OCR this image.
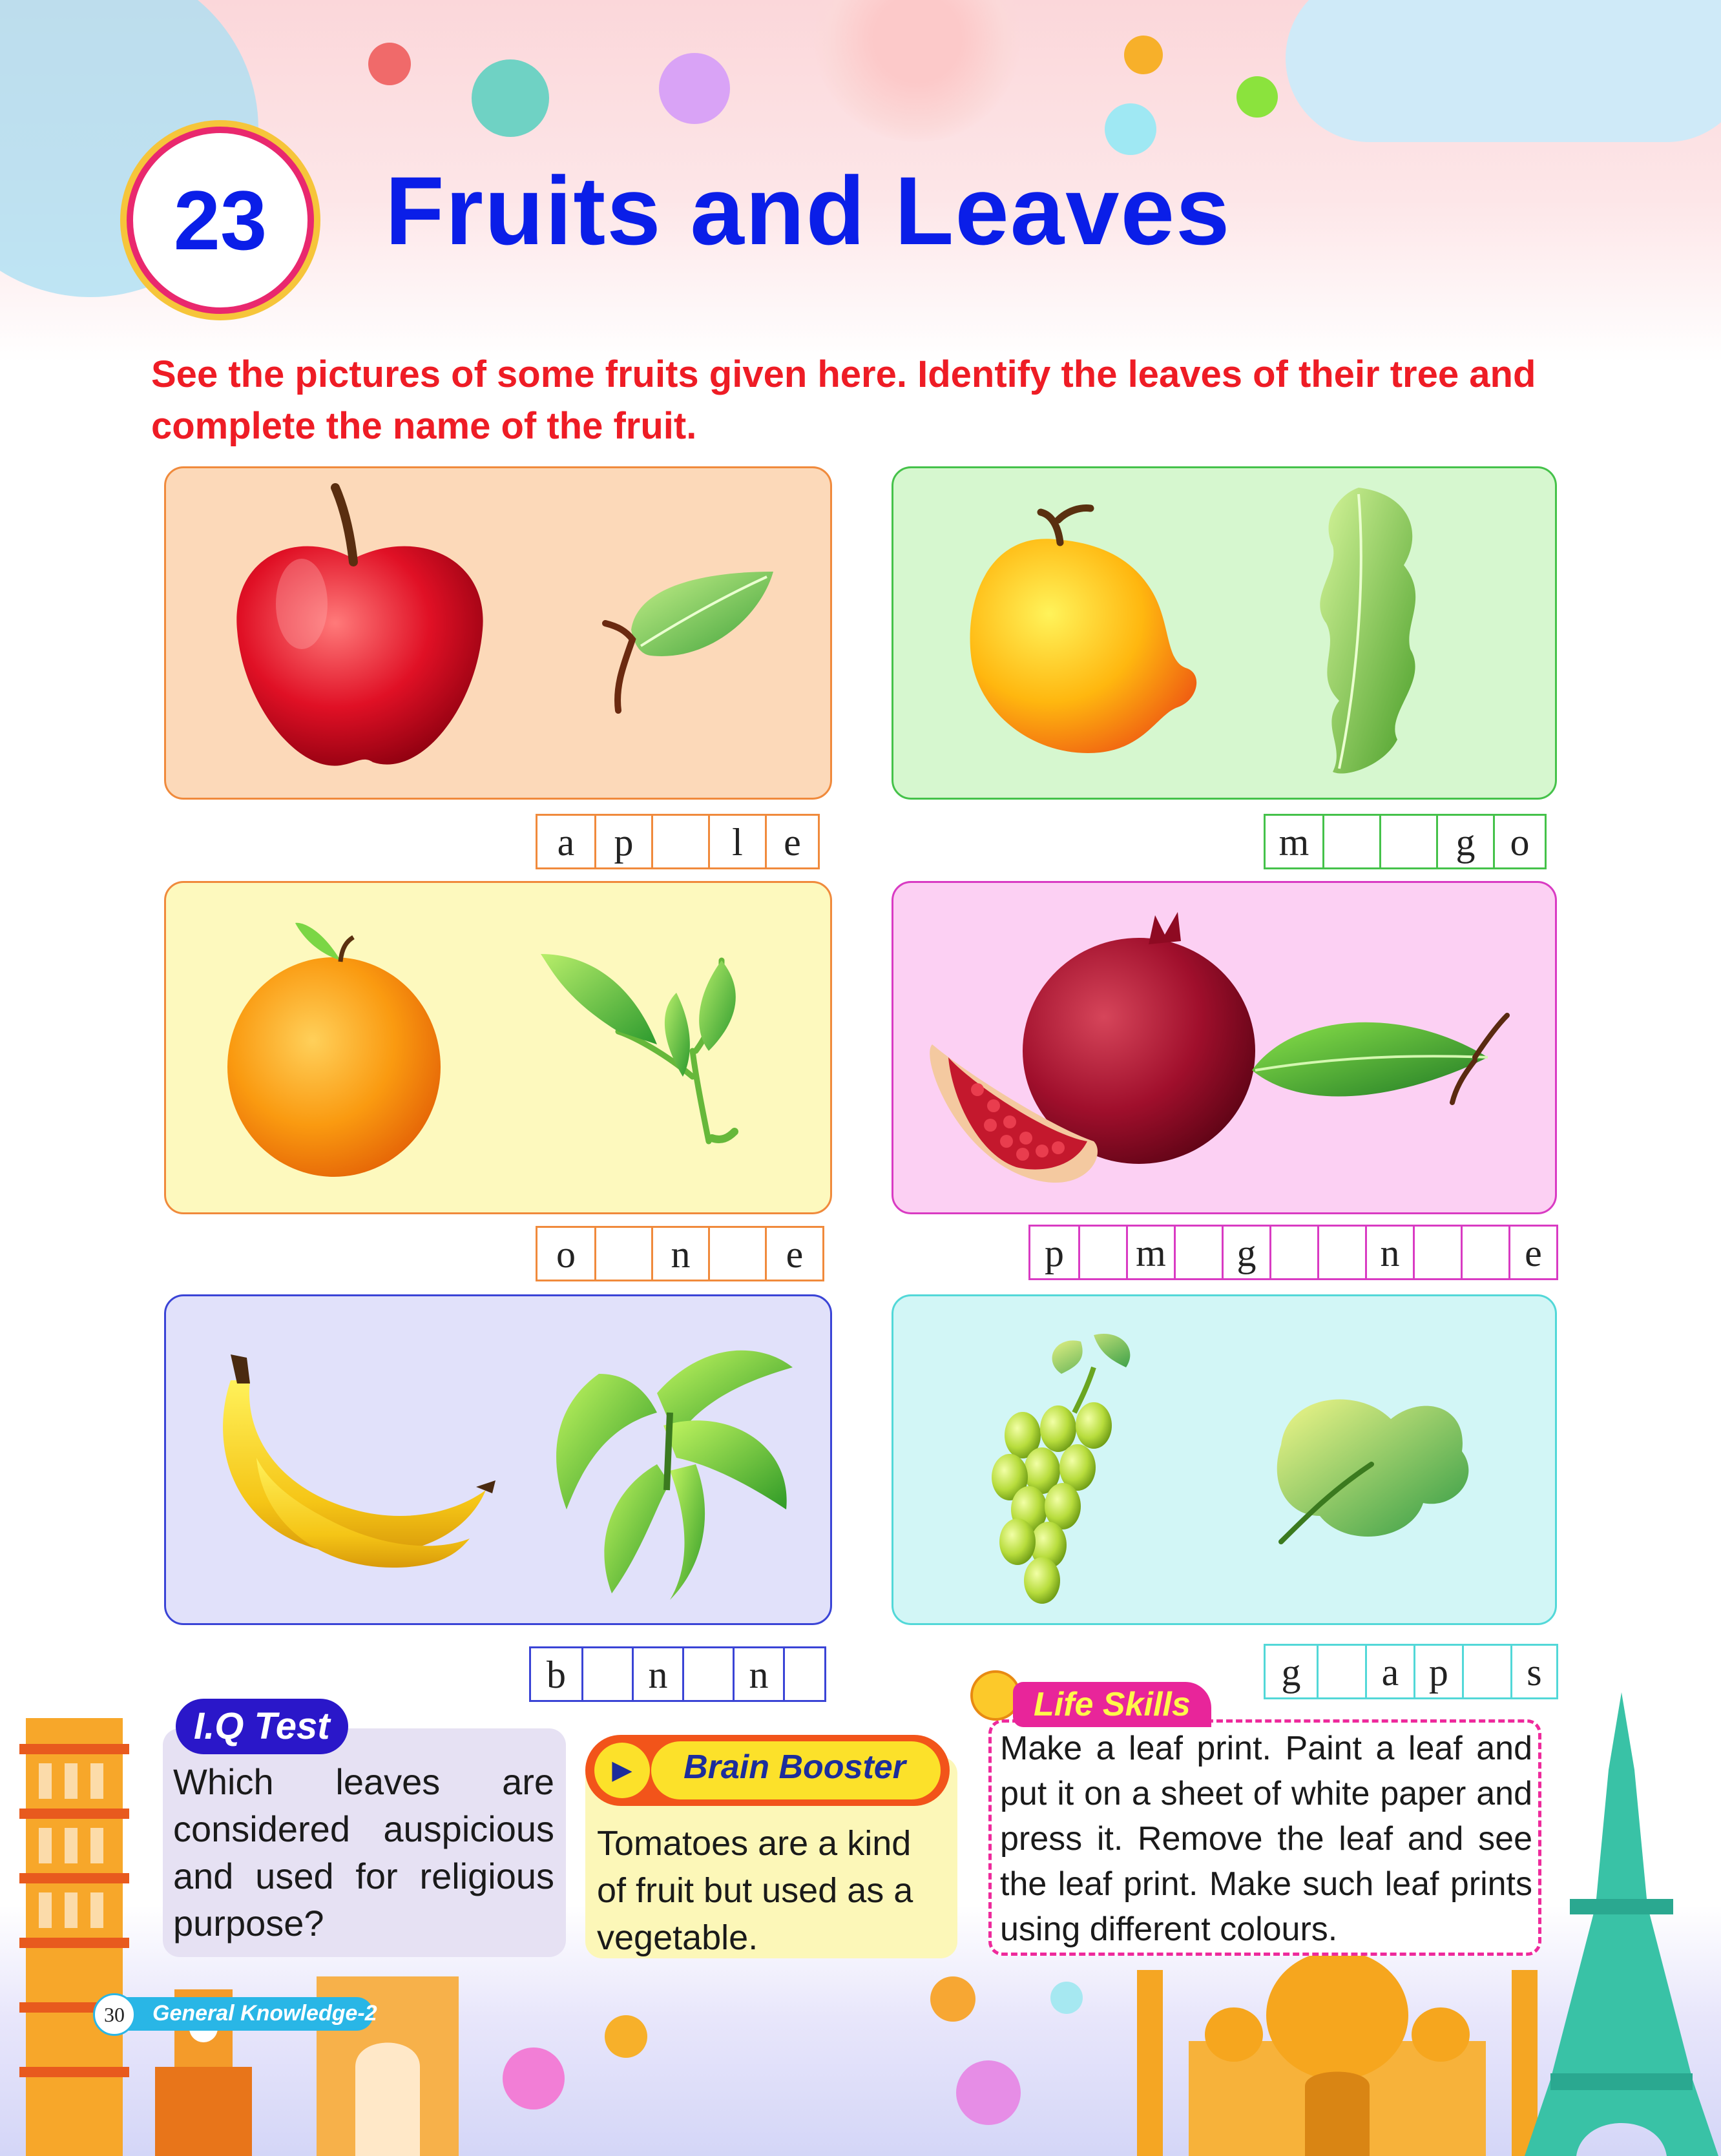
23	Fruits and Leaves
See the pictures of some fruits given here. Identify the leaves of their tree and complete the name of the fruit.
a	p	l	e	m	g o
o	n	e	p	m	g	n	e
b	n	n	g	a p	s
I.Q Test
Which leaves are considered auspicious and used for religious purpose?
►	Brain Booster
Tomatoes are a kind of fruit but used as a vegetable.
Life Skills
Make a leaf print. Paint a leaf and put it on a sheet of white paper and press it. Remove the leaf and see the leaf print. Make such leaf prints using different colours.
30	General Knowledge-2
